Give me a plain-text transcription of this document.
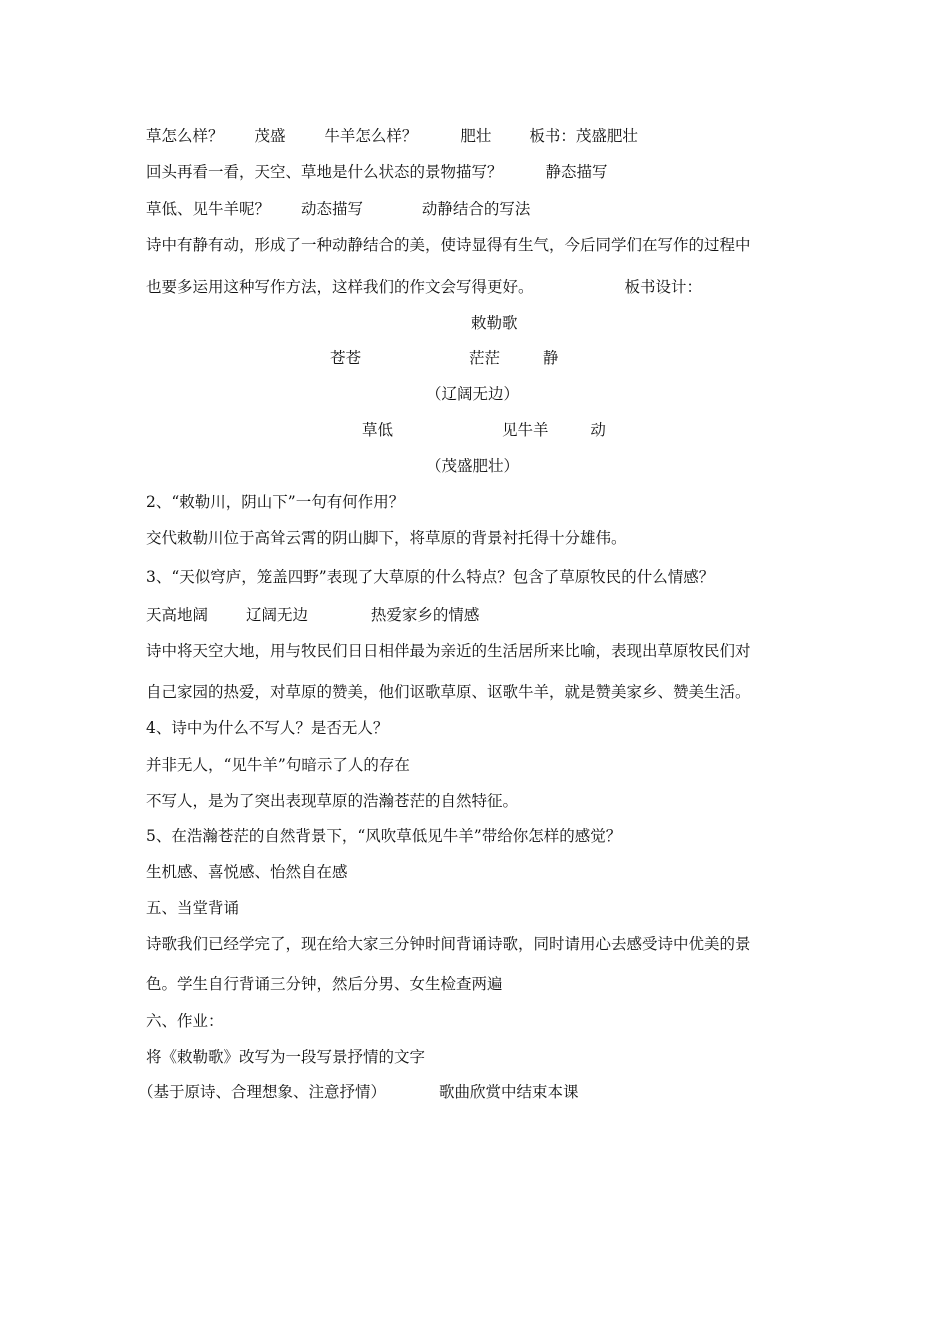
草怎么样？ 茂盛	牛羊怎么样？	肥壮 板书：茂盛肥壮
回头再看一看，天空、草地是什么状态的景物描写？	静态描写
草低、见牛羊呢？ 动态描写	动静结合的写法
诗中有静有动，形成了一种动静结合的美，使诗显得有生气，今后同学们在写作的过程中
也要多运用这种写作方法，这样我们的作文会写得更好。	板书设计：
敕勒歌
苍苍	茫茫	静
（辽阔无边）
草低	见牛羊	动
（茂盛肥壮）
2、“敕勒川，阴山下”一句有何作用？
交代敕勒川位于高耸云霄的阴山脚下，将草原的背景衬托得十分雄伟。
3、“天似穹庐，笼盖四野”表现了大草原的什么特点？包含了草原牧民的什么情感？
天高地阔 辽阔无边	热爱家乡的情感
诗中将天空大地，用与牧民们日日相伴最为亲近的生活居所来比喻，表现出草原牧民们对
自己家园的热爱，对草原的赞美，他们讴歌草原、讴歌牛羊，就是赞美家乡、赞美生活。
4、诗中为什么不写人？是否无人？
并非无人，“见牛羊”句暗示了人的存在
不写人，是为了突出表现草原的浩瀚苍茫的自然特征。
5、在浩瀚苍茫的自然背景下，“风吹草低见牛羊”带给你怎样的感觉？
生机感、喜悦感、怡然自在感
五、当堂背诵
诗歌我们已经学完了，现在给大家三分钟时间背诵诗歌，同时请用心去感受诗中优美的景
色。学生自行背诵三分钟，然后分男、女生检查两遍
六、作业：
将《敕勒歌》改写为一段写景抒情的文字
（基于原诗、合理想象、注意抒情）	歌曲欣赏中结束本课
